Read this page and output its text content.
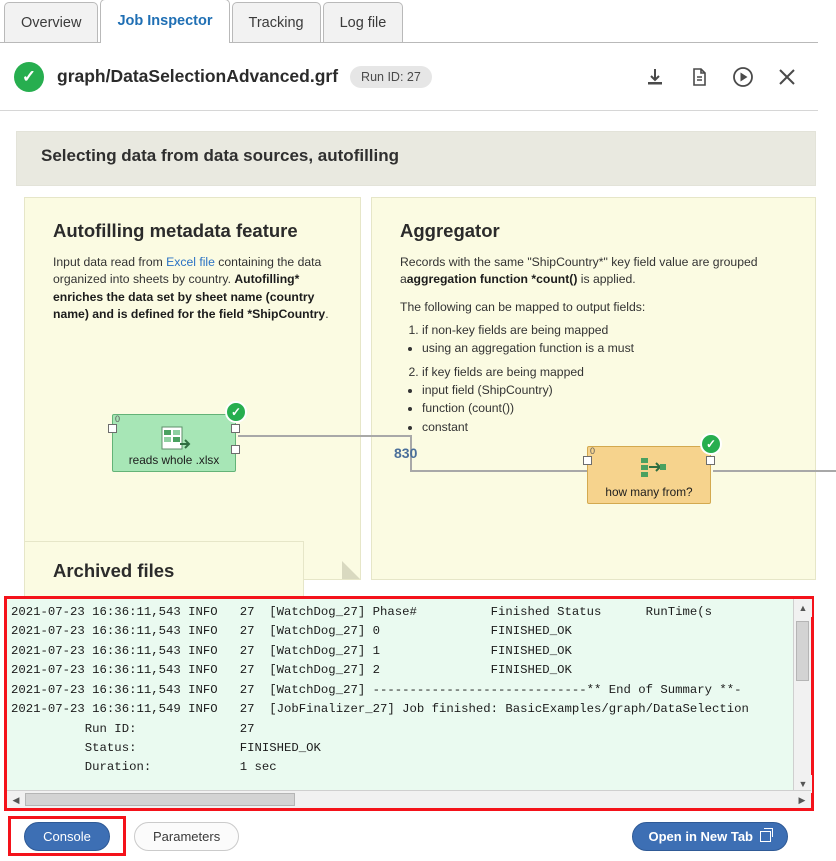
Overview Job Inspector Tracking Log file
✓	graph/DataSelectionAdvanced.grf	Run ID: 27
Selecting data from data sources, autofilling
Autofilling metadata feature
Input data read from Excel file containing the data organized into sheets by country. Autofilling* enriches the data set by sheet name (country name) and is defined for the field *ShipCountry.
Aggregator
Records with the same "ShipCountry*" key field value are grouped aaggregation function *count() is applied.
The following can be mapped to output fields:
1. if non-key fields are being mapped
• using an aggregation function is a must
2. if key fields are being mapped
• input field (ShipCountry)
• function (count())
• constant
Archived files
830
0
reads whole .xlsx
✓
0
how many from?
✓
2021-07-23 16:36:11,543 INFO   27  [WatchDog_27] Phase#          Finished Status      RunTime(s
2021-07-23 16:36:11,543 INFO   27  [WatchDog_27] 0               FINISHED_OK
2021-07-23 16:36:11,543 INFO   27  [WatchDog_27] 1               FINISHED_OK
2021-07-23 16:36:11,543 INFO   27  [WatchDog_27] 2               FINISHED_OK
2021-07-23 16:36:11,543 INFO   27  [WatchDog_27] -----------------------------** End of Summary **-
2021-07-23 16:36:11,549 INFO   27  [JobFinalizer_27] Job finished: BasicExamples/graph/DataSelection
Run ID:              27
Status:              FINISHED_OK
Duration:            1 sec
▲
▼
◀	▶
Console	Parameters	Open in New Tab
